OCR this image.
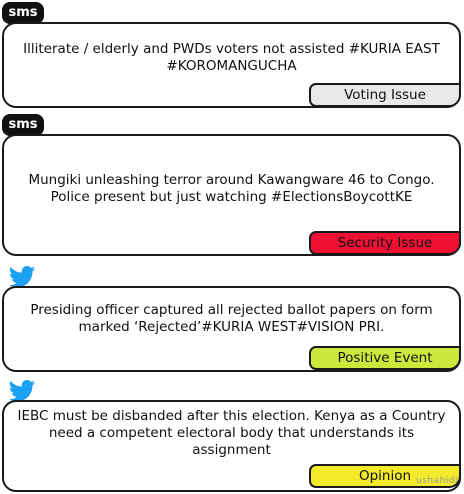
sms
Illiterate / elderly and PWDs voters not assisted #KURIA EAST #KOROMANGUCHA
Voting Issue
sms
Mungiki unleashing terror around Kawangware 46 to Congo. Police present but just watching #ElectionsBoycottKE
Security Issue
Presiding officer captured all rejected ballot papers on form marked ‘Rejected’#KURIA WEST#VISION PRI.
Positive Event
IEBC must be disbanded after this election. Kenya as a Country need a competent electoral body that understands its assignment
Opinion ushahidi
